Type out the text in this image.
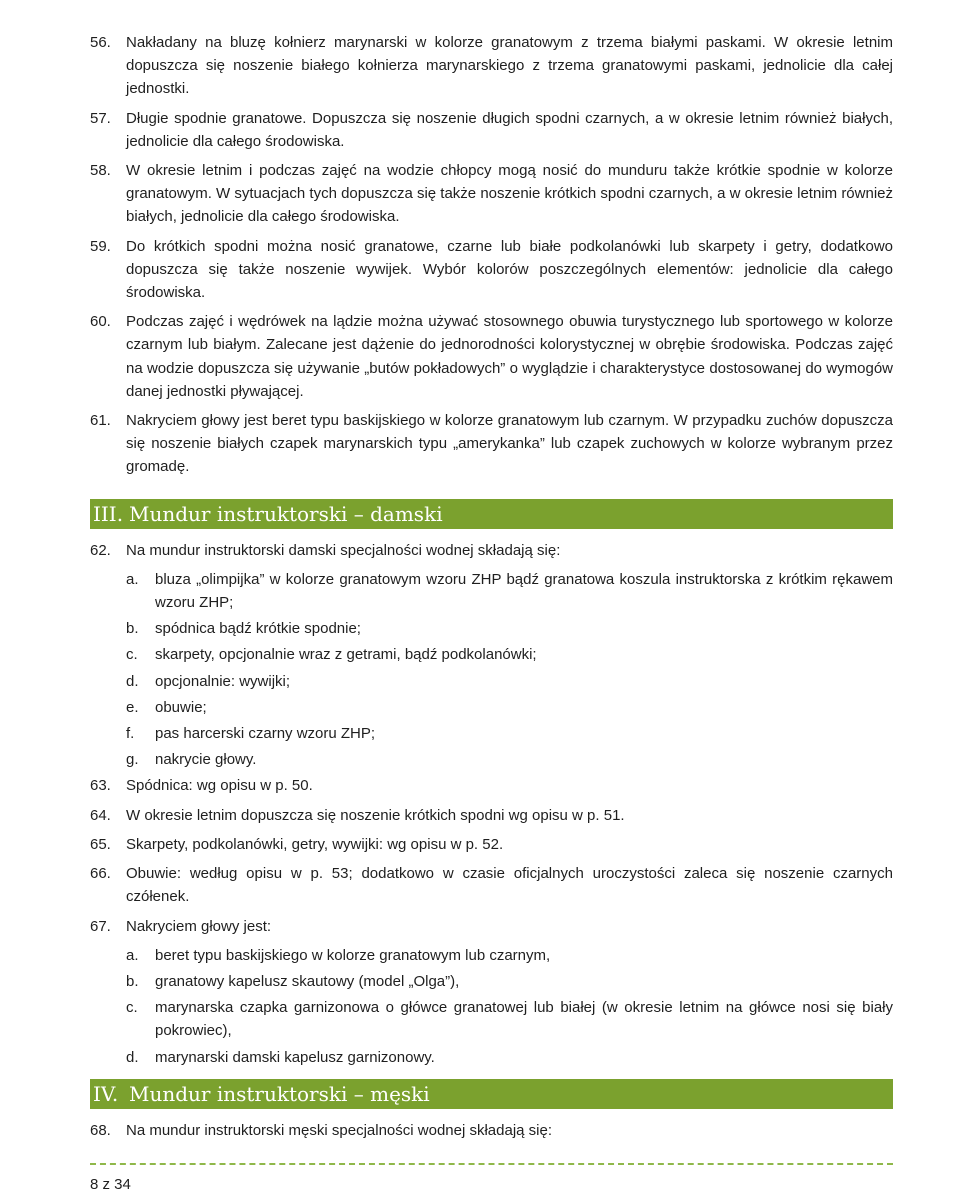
56. Nakładany na bluzę kołnierz marynarski w kolorze granatowym z trzema białymi paskami. W okresie letnim dopuszcza się noszenie białego kołnierza marynarskiego z trzema granatowymi paskami, jednolicie dla całej jednostki.
57. Długie spodnie granatowe. Dopuszcza się noszenie długich spodni czarnych, a w okresie letnim również białych, jednolicie dla całego środowiska.
58. W okresie letnim i podczas zajęć na wodzie chłopcy mogą nosić do munduru także krótkie spodnie w kolorze granatowym. W sytuacjach tych dopuszcza się także noszenie krótkich spodni czarnych, a w okresie letnim również białych, jednolicie dla całego środowiska.
59. Do krótkich spodni można nosić granatowe, czarne lub białe podkolanówki lub skarpety i getry, dodatkowo dopuszcza się także noszenie wywijek. Wybór kolorów poszczególnych elementów: jednolicie dla całego środowiska.
60. Podczas zajęć i wędrówek na lądzie można używać stosownego obuwia turystycznego lub sportowego w kolorze czarnym lub białym. Zalecane jest dążenie do jednorodności kolorystycznej w obrębie środowiska. Podczas zajęć na wodzie dopuszcza się używanie „butów pokładowych” o wyglądzie i charakterystyce dostosowanej do wymogów danej jednostki pływającej.
61. Nakryciem głowy jest beret typu baskijskiego w kolorze granatowym lub czarnym. W przypadku zuchów dopuszcza się noszenie białych czapek marynarskich typu „amerykanka” lub czapek zuchowych w kolorze wybranym przez gromadę.
III. Mundur instruktorski – damski
62. Na mundur instruktorski damski specjalności wodnej składają się:
a. bluza „olimpijka” w kolorze granatowym wzoru ZHP bądź granatowa koszula instruktorska z krótkim rękawem wzoru ZHP;
b. spódnica bądź krótkie spodnie;
c. skarpety, opcjonalnie wraz z getrami, bądź podkolanówki;
d. opcjonalnie: wywijki;
e. obuwie;
f. pas harcerski czarny wzoru ZHP;
g. nakrycie głowy.
63. Spódnica: wg opisu w p. 50.
64. W okresie letnim dopuszcza się noszenie krótkich spodni wg opisu w p. 51.
65. Skarpety, podkolanówki, getry, wywijki: wg opisu w p. 52.
66. Obuwie: według opisu w p. 53; dodatkowo w czasie oficjalnych uroczystości zaleca się noszenie czarnych czółenek.
67. Nakryciem głowy jest:
a. beret typu baskijskiego w kolorze granatowym lub czarnym,
b. granatowy kapelusz skautowy (model „Olga”),
c. marynarska czapka garnizonowa o główce granatowej lub białej (w okresie letnim na główce nosi się biały pokrowiec),
d. marynarski damski kapelusz garnizonowy.
IV. Mundur instruktorski – męski
68. Na mundur instruktorski męski specjalności wodnej składają się:
8 z 34
